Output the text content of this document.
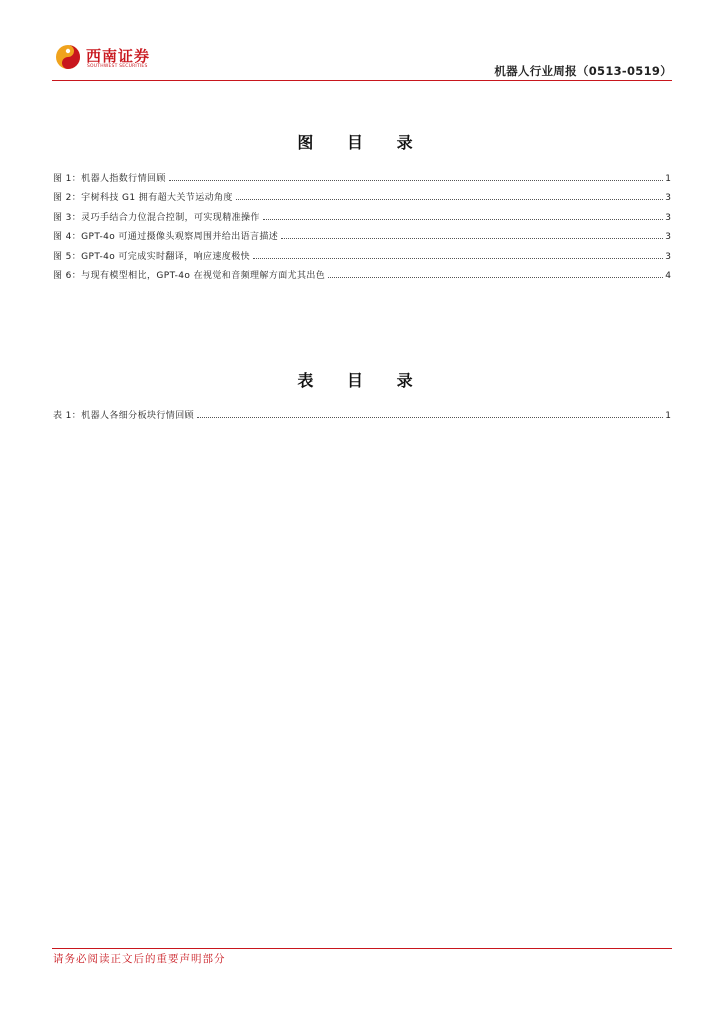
西南证券
SOUTHWEST SECURITIES	机器人行业周报（0513-0519）
图 目 录
图 1：机器人指数行情回顾	1
图 2：宇树科技 G1 拥有超大关节运动角度	3
图 3：灵巧手结合力位混合控制，可实现精准操作	3
图 4：GPT-4o 可通过摄像头观察周围并给出语言描述	3
图 5：GPT-4o 可完成实时翻译，响应速度极快	3
图 6：与现有模型相比，GPT-4o 在视觉和音频理解方面尤其出色	4
表 目 录
表 1：机器人各细分板块行情回顾	1
请务必阅读正文后的重要声明部分
